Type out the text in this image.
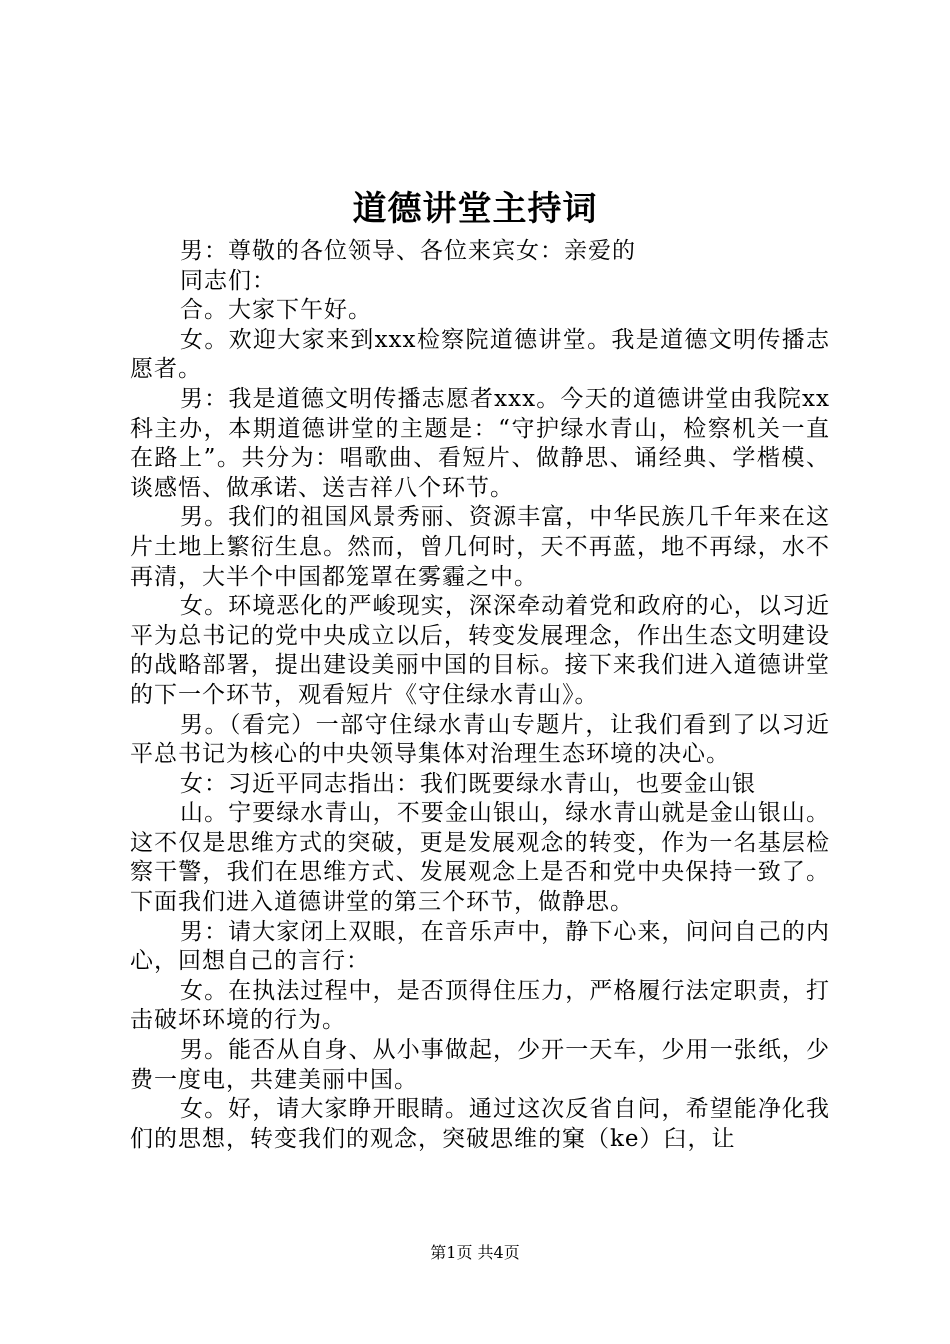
道德讲堂主持词

男：尊敬的各位领导、各位来宾女：亲爱的

同志们：

合。大家下午好。

女。欢迎大家来到xxx检察院道德讲堂。我是道德文明传播志愿者。

男：我是道德文明传播志愿者xxx。今天的道德讲堂由我院xx科主办，本期道德讲堂的主题是：“守护绿水青山，检察机关一直在路上”。共分为：唱歌曲、看短片、做静思、诵经典、学楷模、谈感悟、做承诺、送吉祥八个环节。

男。我们的祖国风景秀丽、资源丰富，中华民族几千年来在这片土地上繁衍生息。然而，曾几何时，天不再蓝，地不再绿，水不再清，大半个中国都笼罩在雾霾之中。

女。环境恶化的严峻现实，深深牵动着党和政府的心，以习近平为总书记的党中央成立以后，转变发展理念，作出生态文明建设的战略部署，提出建设美丽中国的目标。接下来我们进入道德讲堂的下一个环节，观看短片《守住绿水青山》。

男。（看完）一部守住绿水青山专题片，让我们看到了以习近平总书记为核心的中央领导集体对治理生态环境的决心。

女：习近平同志指出：我们既要绿水青山，也要金山银

山。宁要绿水青山，不要金山银山，绿水青山就是金山银山。这不仅是思维方式的突破，更是发展观念的转变，作为一名基层检察干警，我们在思维方式、发展观念上是否和党中央保持一致了。下面我们进入道德讲堂的第三个环节，做静思。

男：请大家闭上双眼，在音乐声中，静下心来，问问自己的内心，回想自己的言行：

女。在执法过程中，是否顶得住压力，严格履行法定职责，打击破坏环境的行为。

男。能否从自身、从小事做起，少开一天车，少用一张纸，少费一度电，共建美丽中国。

女。好，请大家睁开眼睛。通过这次反省自问，希望能净化我们的思想，转变我们的观念，突破思维的窠（ke）臼，让

第1页 共4页
